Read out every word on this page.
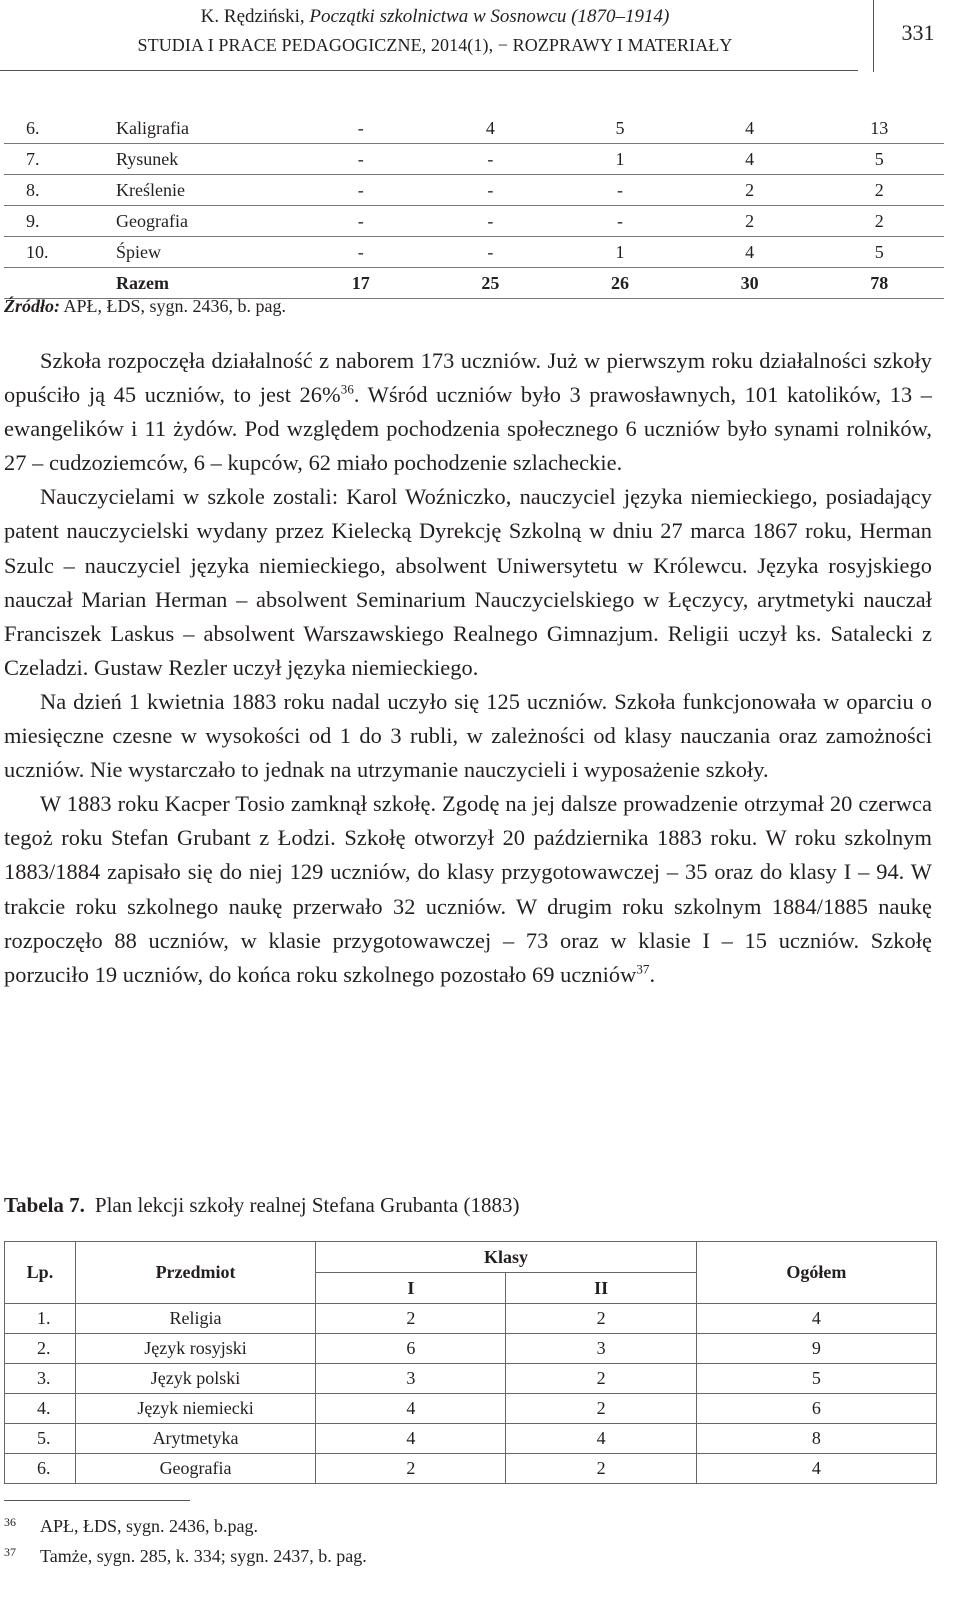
K. Rędziński, Początki szkolnictwa w Sosnowcu (1870–1914)
STUDIA I PRACE PEDAGOGICZNE, 2014(1), − ROZPRAWY I MATERIAŁY	331
6.	Kaligrafia	-	4	5	4	13
7.	Rysunek	-	-	1	4	5
8.	Kreślenie	-	-	-	2	2
9.	Geografia	-	-	-	2	2
10.	Śpiew	-	-	1	4	5
	Razem	17	25	26	30	78
Źródło: APŁ, ŁDS, sygn. 2436, b. pag.

Szkoła rozpoczęła działalność z naborem 173 uczniów. Już w pierwszym roku działalności szkoły opuściło ją 45 uczniów, to jest 26%$^{36}$. Wśród uczniów było 3 prawosławnych, 101 katolików, 13 – ewangelików i 11 żydów. Pod względem pochodzenia społecznego 6 uczniów było synami rolników, 27 – cudzoziemców, 6 – kupców, 62 miało pochodzenie szlacheckie.

Nauczycielami w szkole zostali: Karol Woźniczko, nauczyciel języka niemieckiego, posiadający patent nauczycielski wydany przez Kielecką Dyrekcję Szkolną w dniu 27 marca 1867 roku, Herman Szulc – nauczyciel języka niemieckiego, absolwent Uniwersytetu w Królewcu. Języka rosyjskiego nauczał Marian Herman – absolwent Seminarium Nauczycielskiego w Łęczycy, arytmetyki nauczał Franciszek Laskus – absolwent Warszawskiego Realnego Gimnazjum. Religii uczył ks. Satalecki z Czeladzi. Gustaw Rezler uczył języka niemieckiego.

Na dzień 1 kwietnia 1883 roku nadal uczyło się 125 uczniów. Szkoła funkcjonowała w oparciu o miesięczne czesne w wysokości od 1 do 3 rubli, w zależności od klasy nauczania oraz zamożności uczniów. Nie wystarczało to jednak na utrzymanie nauczycieli i wyposażenie szkoły.

W 1883 roku Kacper Tosio zamknął szkołę. Zgodę na jej dalsze prowadzenie otrzymał 20 czerwca tegoż roku Stefan Grubant z Łodzi. Szkołę otworzył 20 października 1883 roku. W roku szkolnym 1883/1884 zapisało się do niej 129 uczniów, do klasy przygotowawczej – 35 oraz do klasy I – 94. W trakcie roku szkolnego naukę przerwało 32 uczniów. W drugim roku szkolnym 1884/1885 naukę rozpoczęło 88 uczniów, w klasie przygotowawczej – 73 oraz w klasie I – 15 uczniów. Szkołę porzuciło 19 uczniów, do końca roku szkolnego pozostało 69 uczniów$^{37}$.

Tabela 7. Plan lekcji szkoły realnej Stefana Grubanta (1883)
Lp.	Przedmiot	Klasy		Ogółem
		I	II	
1.	Religia	2	2	4
2.	Język rosyjski	6	3	9
3.	Język polski	3	2	5
4.	Język niemiecki	4	2	6
5.	Arytmetyka	4	4	8
6.	Geografia	2	2	4
36	APŁ, ŁDS, sygn. 2436, b.pag.
37	Tamże, sygn. 285, k. 334; sygn. 2437, b. pag.
